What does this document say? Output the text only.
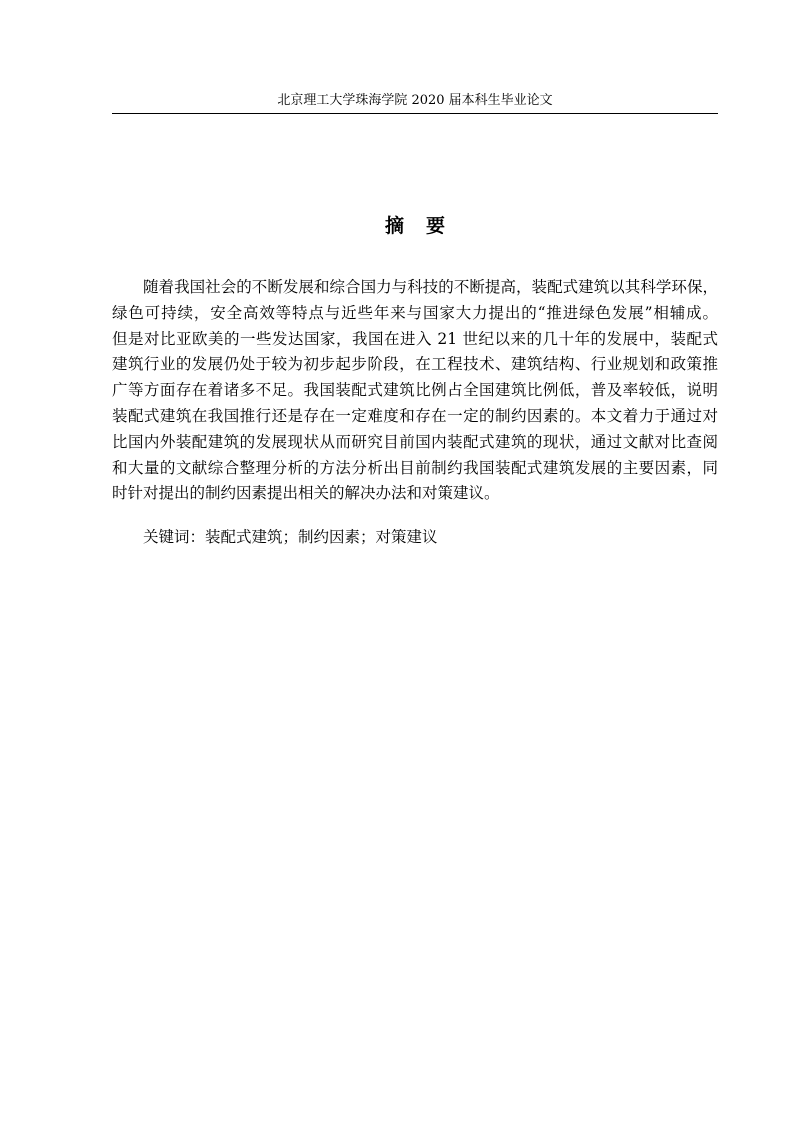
北京理工大学珠海学院 2020 届本科生毕业论文
摘要
随着我国社会的不断发展和综合国力与科技的不断提高，装配式建筑以其科学环保，
绿色可持续，安全高效等特点与近些年来与国家大力提出的“推进绿色发展”相辅成。
但是对比亚欧美的一些发达国家，我国在进入 21 世纪以来的几十年的发展中，装配式
建筑行业的发展仍处于较为初步起步阶段，在工程技术、建筑结构、行业规划和政策推
广等方面存在着诸多不足。我国装配式建筑比例占全国建筑比例低，普及率较低，说明
装配式建筑在我国推行还是存在一定难度和存在一定的制约因素的。本文着力于通过对
比国内外装配建筑的发展现状从而研究目前国内装配式建筑的现状，通过文献对比查阅
和大量的文献综合整理分析的方法分析出目前制约我国装配式建筑发展的主要因素，同
时针对提出的制约因素提出相关的解决办法和对策建议。
关键词：装配式建筑；制约因素；对策建议
